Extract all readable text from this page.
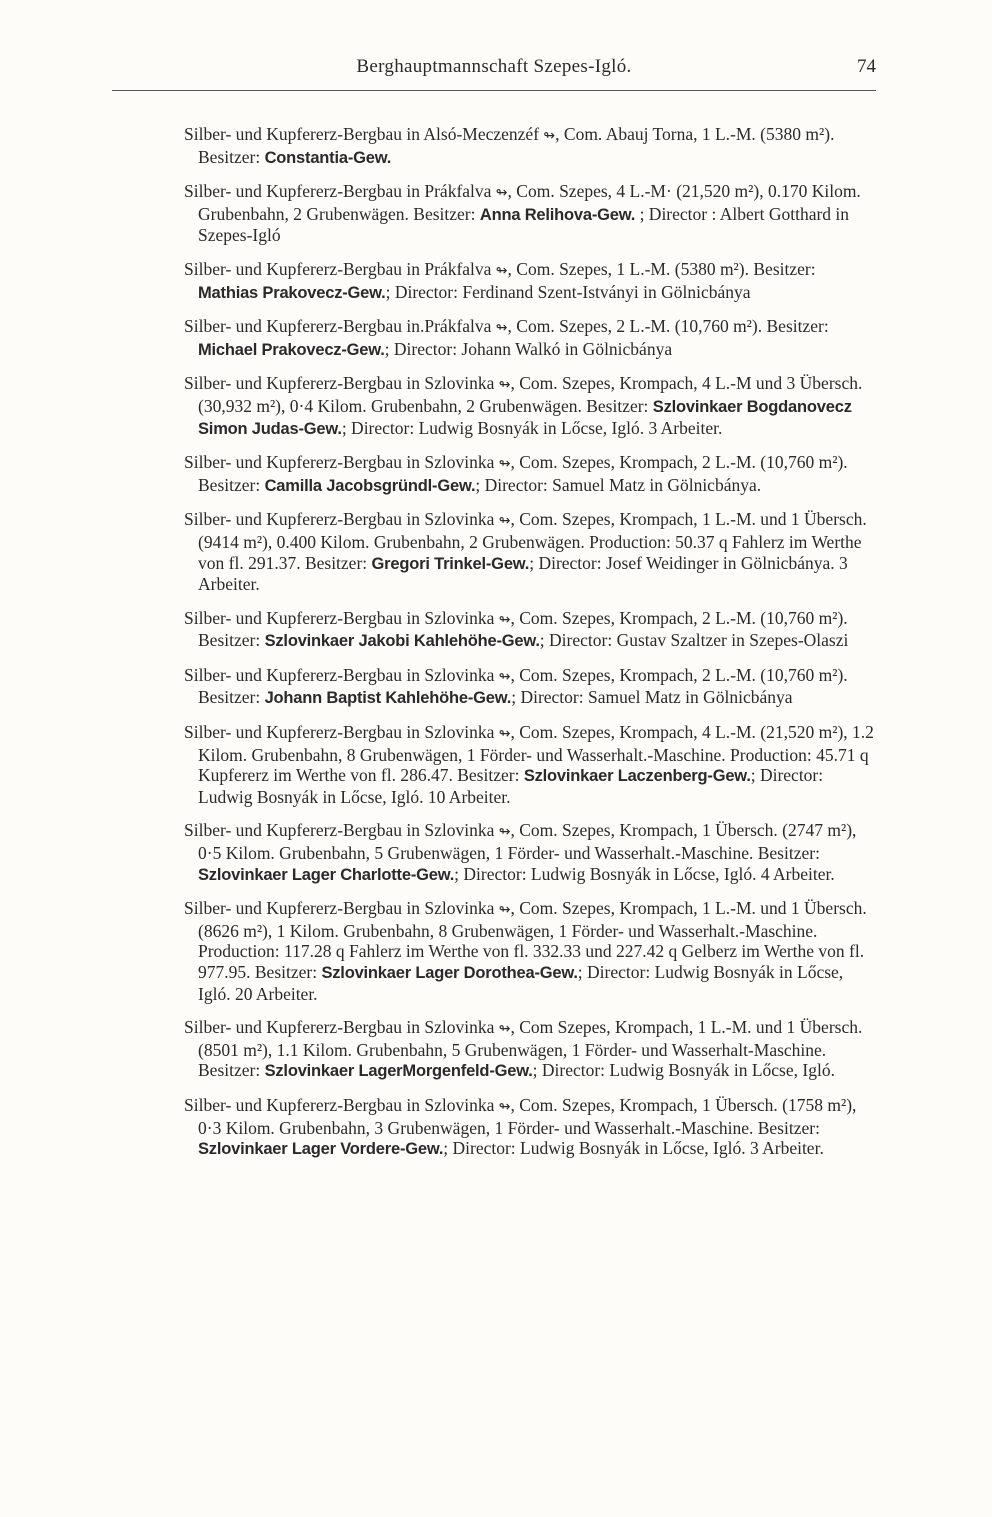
Berghauptmannschaft Szepes-Igló.	74

Silber- und Kupfererz-Bergbau in Alsó-Meczenzéf ↬, Com. Abauj Torna, 1 L.-M. (5380 m²). Besitzer: Constantia-Gew.

Silber- und Kupfererz-Bergbau in Prákfalva ↬, Com. Szepes, 4 L.-M· (21,520 m²), 0.170 Kilom. Grubenbahn, 2 Grubenwägen. Besitzer: Anna Relihova-Gew. ; Director : Albert Gotthard in Szepes-Igló

Silber- und Kupfererz-Bergbau in Prákfalva ↬, Com. Szepes, 1 L.-M. (5380 m²). Besitzer: Mathias Prakovecz-Gew.; Director: Ferdinand Szent-Istványi in Gölnicbánya

Silber- und Kupfererz-Bergbau in.Prákfalva ↬, Com. Szepes, 2 L.-M. (10,760 m²). Besitzer: Michael Prakovecz-Gew.; Director: Johann Walkó in Gölnicbánya

Silber- und Kupfererz-Bergbau in Szlovinka ↬, Com. Szepes, Krompach, 4 L.-M und 3 Übersch. (30,932 m²), 0·4 Kilom. Grubenbahn, 2 Grubenwägen. Besitzer: Szlovinkaer Bogdanovecz Simon Judas-Gew.; Director: Ludwig Bosnyák in Lőcse, Igló. 3 Arbeiter.

Silber- und Kupfererz-Bergbau in Szlovinka ↬, Com. Szepes, Krompach, 2 L.-M. (10,760 m²). Besitzer: Camilla Jacobsgründl-Gew.; Director: Samuel Matz in Gölnicbánya.

Silber- und Kupfererz-Bergbau in Szlovinka ↬, Com. Szepes, Krompach, 1 L.-M. und 1 Übersch. (9414 m²), 0.400 Kilom. Grubenbahn, 2 Grubenwägen. Production: 50.37 q Fahlerz im Werthe von fl. 291.37. Besitzer: Gregori Trinkel-Gew.; Director: Josef Weidinger in Gölnicbánya. 3 Arbeiter.

Silber- und Kupfererz-Bergbau in Szlovinka ↬, Com. Szepes, Krompach, 2 L.-M. (10,760 m²). Besitzer: Szlovinkaer Jakobi Kahlehöhe-Gew.; Director: Gustav Szaltzer in Szepes-Olaszi

Silber- und Kupfererz-Bergbau in Szlovinka ↬, Com. Szepes, Krompach, 2 L.-M. (10,760 m²). Besitzer: Johann Baptist Kahlehöhe-Gew.; Director: Samuel Matz in Gölnicbánya

Silber- und Kupfererz-Bergbau in Szlovinka ↬, Com. Szepes, Krompach, 4 L.-M. (21,520 m²), 1.2 Kilom. Grubenbahn, 8 Grubenwägen, 1 Förder- und Wasserhalt.-Maschine. Production: 45.71 q Kupfererz im Werthe von fl. 286.47. Besitzer: Szlovinkaer Laczenberg-Gew.; Director: Ludwig Bosnyák in Lőcse, Igló. 10 Arbeiter.

Silber- und Kupfererz-Bergbau in Szlovinka ↬, Com. Szepes, Krompach, 1 Übersch. (2747 m²), 0·5 Kilom. Grubenbahn, 5 Grubenwägen, 1 Förder- und Wasserhalt.-Maschine. Besitzer: Szlovinkaer Lager Charlotte-Gew.; Director: Ludwig Bosnyák in Lőcse, Igló. 4 Arbeiter.

Silber- und Kupfererz-Bergbau in Szlovinka ↬, Com. Szepes, Krompach, 1 L.-M. und 1 Übersch. (8626 m²), 1 Kilom. Grubenbahn, 8 Grubenwägen, 1 Förder- und Wasserhalt.-Maschine. Production: 117.28 q Fahlerz im Werthe von fl. 332.33 und 227.42 q Gelberz im Werthe von fl. 977.95. Besitzer: Szlovinkaer Lager Dorothea-Gew.; Director: Ludwig Bosnyák in Lőcse, Igló. 20 Arbeiter.

Silber- und Kupfererz-Bergbau in Szlovinka ↬, Com Szepes, Krompach, 1 L.-M. und 1 Übersch. (8501 m²), 1.1 Kilom. Grubenbahn, 5 Grubenwägen, 1 Förder- und Wasserhalt-Maschine. Besitzer: Szlovinkaer LagerMorgenfeld-Gew.; Director: Ludwig Bosnyák in Lőcse, Igló.

Silber- und Kupfererz-Bergbau in Szlovinka ↬, Com. Szepes, Krompach, 1 Übersch. (1758 m²), 0·3 Kilom. Grubenbahn, 3 Grubenwägen, 1 Förder- und Wasserhalt.-Maschine. Besitzer: Szlovinkaer Lager Vordere-Gew.; Director: Ludwig Bosnyák in Lőcse, Igló. 3 Arbeiter.
